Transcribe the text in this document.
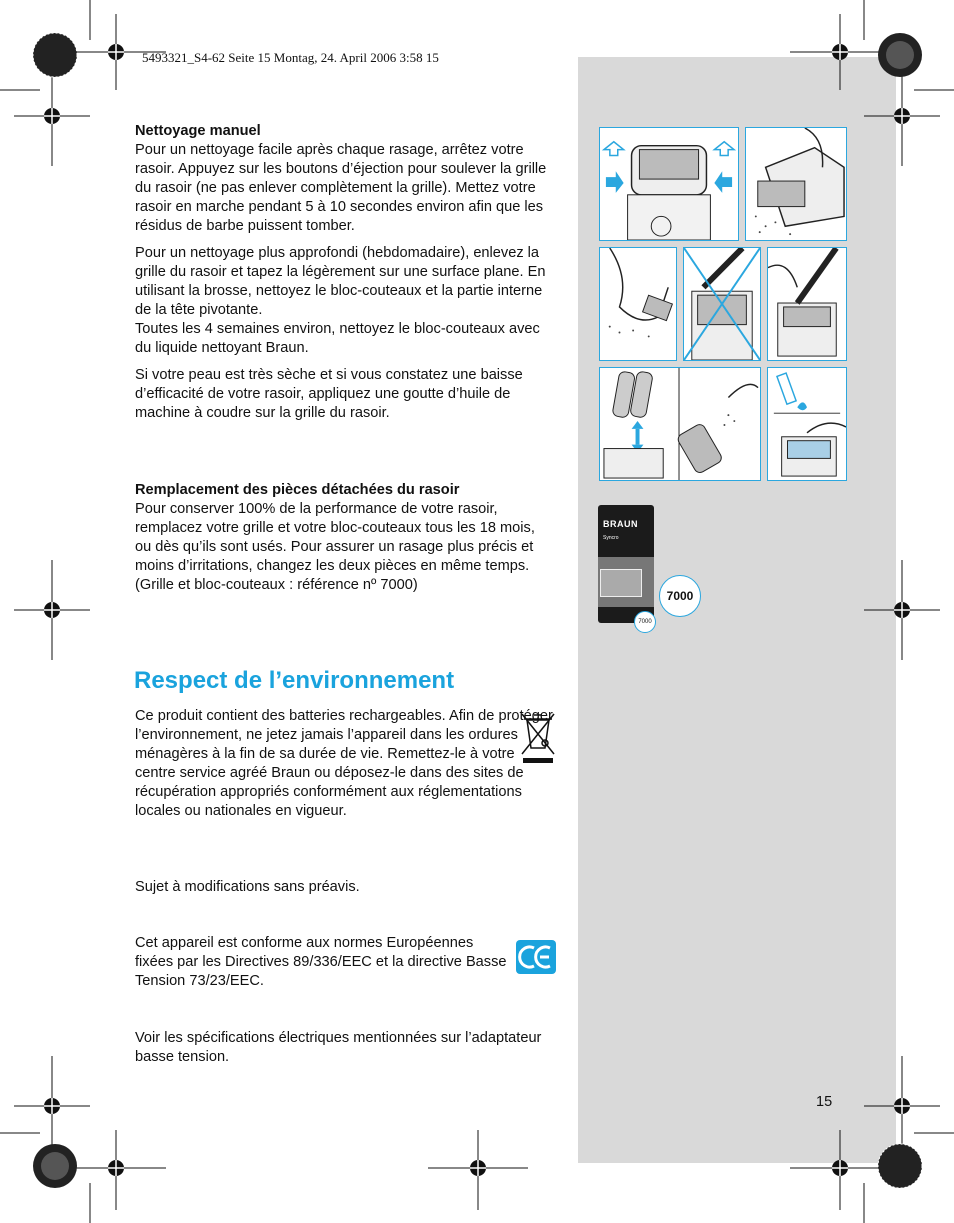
5493321_S4-62 Seite 15 Montag, 24. April 2006 3:58 15

Nettoyage manuel

Pour un nettoyage facile après chaque rasage, arrêtez votre rasoir. Appuyez sur les boutons d’éjection pour soulever la grille du rasoir (ne pas enlever complètement la grille). Mettez votre rasoir en marche pendant 5 à 10 secondes environ afin que les résidus de barbe puissent tomber.

Pour un nettoyage plus approfondi (hebdomadaire), enlevez la grille du rasoir et tapez la légèrement sur une surface plane. En utilisant la brosse, nettoyez le bloc-couteaux et la partie interne de la tête pivotante.

Toutes les 4 semaines environ, nettoyez le bloc-couteaux avec du liquide nettoyant Braun.

Si votre peau est très sèche et si vous constatez une baisse d’efficacité de votre rasoir, appliquez une goutte d’huile de machine à coudre sur la grille du rasoir.

Remplacement des pièces détachées du rasoir

Pour conserver 100% de la performance de votre rasoir, remplacez votre grille et votre bloc-couteaux tous les 18 mois, ou dès qu’ils sont usés. Pour assurer un rasage plus précis et moins d’irritations, changez les deux pièces en même temps.

(Grille et bloc-couteaux : référence nº 7000)

Respect de l’environnement
Ce produit contient des batteries rechargeables. Afin de protéger l’environnement, ne jetez jamais l’appareil dans les ordures ménagères à la fin de sa durée de vie. Remettez-le à votre centre service agréé Braun ou déposez-le dans des sites de récupération appropriés conformément aux réglementations locales ou nationales en vigueur.
Sujet à modifications sans préavis.
Cet appareil est conforme aux normes Européennes fixées par les Directives 89/336/EEC et la directive Basse Tension 73/23/EEC.
Voir les spécifications électriques mentionnées sur l’adaptateur basse tension.
15
BRAUN
Syncro
7000
7000
